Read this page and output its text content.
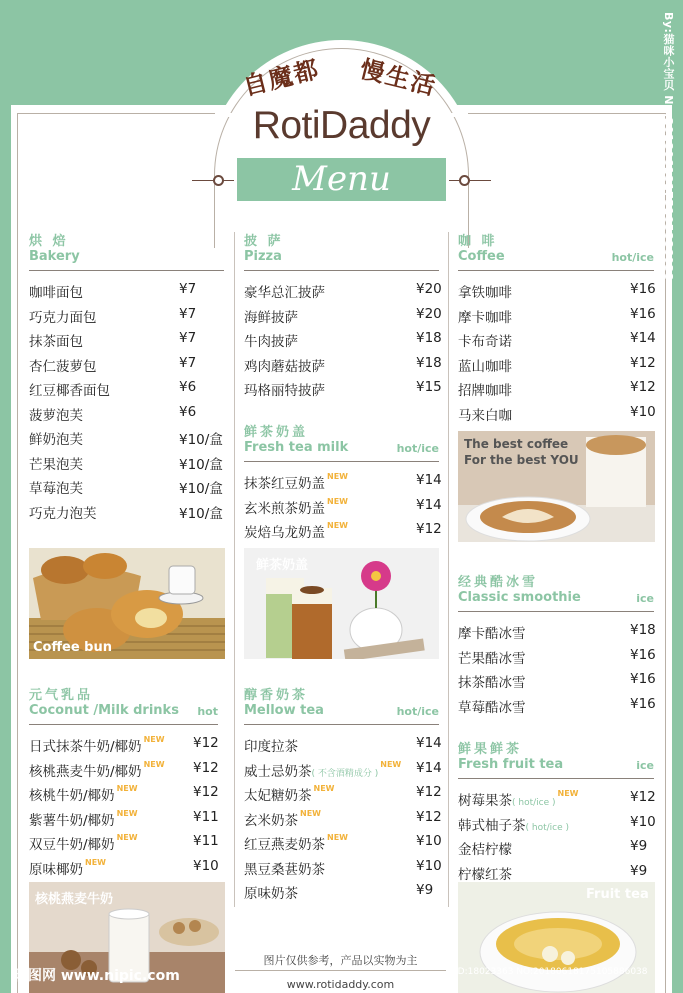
自魔都 慢生活
RotiDaddy
Menu
烘 焙
Bakery
咖啡面包	¥7
巧克力面包	¥7
抹茶面包	¥7
杏仁菠萝包	¥7
红豆椰香面包	¥6
菠萝泡芙	¥6
鲜奶泡芙	¥10/盒
芒果泡芙	¥10/盒
草莓泡芙	¥10/盒
巧克力泡芙	¥10/盒
Coffee bun
披 萨
Pizza
豪华总汇披萨	¥20
海鲜披萨	¥20
牛肉披萨	¥18
鸡肉蘑菇披萨	¥18
玛格丽特披萨	¥15
鲜茶奶盖
Fresh tea milk	hot/ice
抹茶红豆奶盖 $^{NEW}$	¥14
玄米煎茶奶盖 $^{NEW}$	¥14
炭焙乌龙奶盖 $^{NEW}$	¥12
鲜茶奶盖
咖 啡
Coffee	hot/ice
拿铁咖啡	¥16
摩卡咖啡	¥16
卡布奇诺	¥14
蓝山咖啡	¥12
招牌咖啡	¥12
马来白咖	¥10
The best coffee
For the best YOU
经典酷冰雪
Classic smoothie	ice
摩卡酷冰雪	¥18
芒果酷冰雪	¥16
抹茶酷冰雪	¥16
草莓酷冰雪	¥16
元气乳品
Coconut /Milk drinks hot
日式抹茶牛奶/椰奶 $^{NEW}$ ¥12
核桃燕麦牛奶/椰奶 $^{NEW}$ ¥12
核桃牛奶/椰奶 $^{NEW}$	¥12
紫薯牛奶/椰奶 $^{NEW}$	¥11
双豆牛奶/椰奶 $^{NEW}$	¥11
原味椰奶 $^{NEW}$	¥10
核桃燕麦牛奶
醇香奶茶
Mellow tea	hot/ice
印度拉茶	¥14
威士忌奶茶( 不含酒精成分 )$^{NEW}$ ¥14
太妃糖奶茶 $^{NEW}$	¥12
玄米奶茶 $^{NEW}$	¥12
红豆燕麦奶茶 $^{NEW}$	¥10
黑豆桑葚奶茶	¥10
原味奶茶	¥9
鲜果鲜茶
Fresh fruit tea	ice
树莓果茶( hot/ice )$^{NEW}$	¥12
韩式柚子茶( hot/ice )	¥10
金桔柠檬	¥9
柠檬红茶	¥9
Fruit tea
图片仅供参考，产品以实物为主
www.rotidaddy.com
昵图网 www.nipic.com	ID:18023363 NO:20180618175105886038
By:猫咪小宝贝 No.20180618175105886038
